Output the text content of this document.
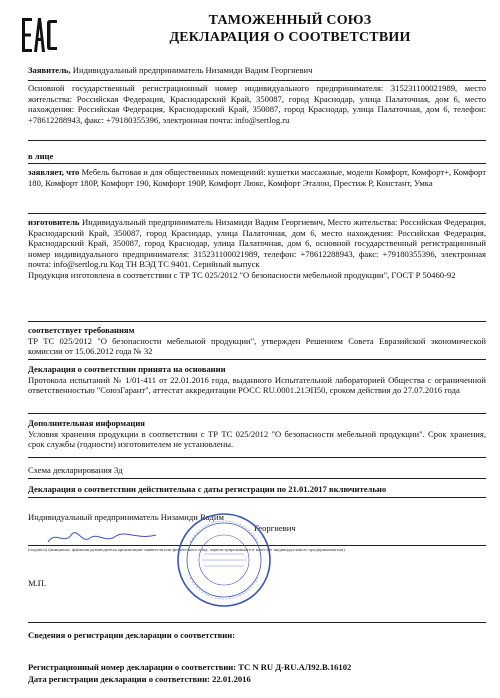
ТАМОЖЕННЫЙ СОЮЗ
ДЕКЛАРАЦИЯ О СООТВЕТСТВИИ
Заявитель, Индивидуальный предприниматель Низамиди Вадим Георгиевич
Основной государственный регистрационный номер индивидуального предпринимателя: 315231100021989, место жительства: Российская Федерация, Краснодарский Край, 350087, город Краснодар, улица Палаточная, дом 6, место нахождения: Российская Федерация, Краснодарский Край, 350087, город Краснодар, улица Палаточная, дом 6, телефон: +78612288943, факс: +79180355396, электронная почта: info@sertlog.ru
в лице
заявляет, что Мебель бытовая и для общественных помещений: кушетки массажные, модели Комфорт, Комфорт+, Комфорт 180, Комфорт 180Р, Комфорт 190, Комфорт 190Р, Комфорт Люкс, Комфорт Эталон, Престиж Р, Констант, Умка
изготовитель Индивидуальный предприниматель Низамиди Вадим Георгиевич, Место жительства: Российская Федерация, Краснодарский Край, 350087, город Краснодар, улица Палаточная, дом 6, место нахождения: Российская Федерация, Краснодарский Край, 350087, город Краснодар, улица Палаточная, дом 6, основной государственный регистрационный номер индивидуального предпринимателя: 315231100021989, телефон: +78612288943, факс: +79180355396, электронная почта: info@sertlog.ru Код ТН ВЭД ТС 9401. Серийный выпуск
Продукция изготовлена в соответствии с ТР ТС 025/2012 "О безопасности мебельной продукции", ГОСТ Р 50460-92
соответствует требованиям
ТР ТС 025/2012 "О безопасности мебельной продукции", утвержден Решением Совета Евразийской экономической комиссии от 15.06.2012 года № 32
Декларация о соответствии принята на основании
Протокола испытаний № 1/01-411 от 22.01.2016 года, выданного Испытательной лабораторией Общества с ограниченной ответственностью "СоюзГарант", аттестат аккредитации РОСС RU.0001.21ЭП50, сроком действия до 27.07.2016 года
Дополнительная информация
Условия хранения продукции в соответствии с ТР ТС 025/2012 "О безопасности мебельной продукции". Срок хранения, срок службы (годности) изготовителем не установлены.
Схема декларирования 3д
Декларация о соответствии действительна с даты регистрации по 21.01.2017 включительно
Индивидуальный предприниматель Низамиди Вадим
Георгиевич
(подпись) (инициалы, фамилия руководителя организации-заявителя или физического лица, зарегистрированного в качестве индивидуального предпринимателя)
М.П.
Сведения о регистрации декларации о соответствии:
Регистрационный номер декларации о соответствии: ТС N RU Д-RU.АЛ92.В.16102
Дата регистрации декларации о соответствии: 22.01.2016
